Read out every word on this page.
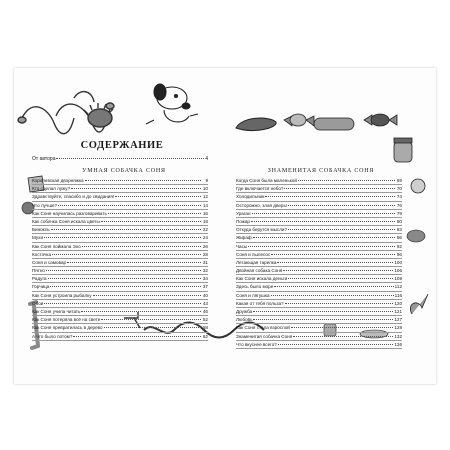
СОДЕРЖАНИЕ
От автора	4
УМНАЯ СОБАЧКА СОНЯ	ЗНАМЕНИТАЯ СОБАЧКА СОНЯ
Королевская дворняжка	9
Кто сделал лужу?	10
Здравствуйте, спасибо и до свидания!	12
Что лучше?	14
Как Соня научилась разговаривать	16
Как собачка Соня искала цветы	18
Бинокль	22
Мухи	24
Как Соня поймала Эхо	26
Косточка	28
Соня и самовар	31
Пятно	32
Радуга	34
Горчица	37
Как Соня устроила рыбалку	40
Обои	43
Как Соня учила читать	46
Как Соня потеряла всё на свете	52
Как Соня превратилась в дерево	58
А что было потом?	62
Когда Соня была маленькой	69
Где включается небо?	70
Холодильник	74
Осторожно, злая дверь!	76
Ураган	79
Пожар	80
Откуда берутся мысли?	83
Жираф	86
Часы	92
Соня и пылесос	96
Летающая тарелка	100
Двойная собака Соня	106
Как Соня искала деньги	109
Здесь было море	112
Соня и лягушка	116
Какая от тебя польза?	120
Дружба	121
Любовь	127
Как Соня стала взрослой	128
Знаменитая собачка Соня	132
Что вкуснее всего?	136
